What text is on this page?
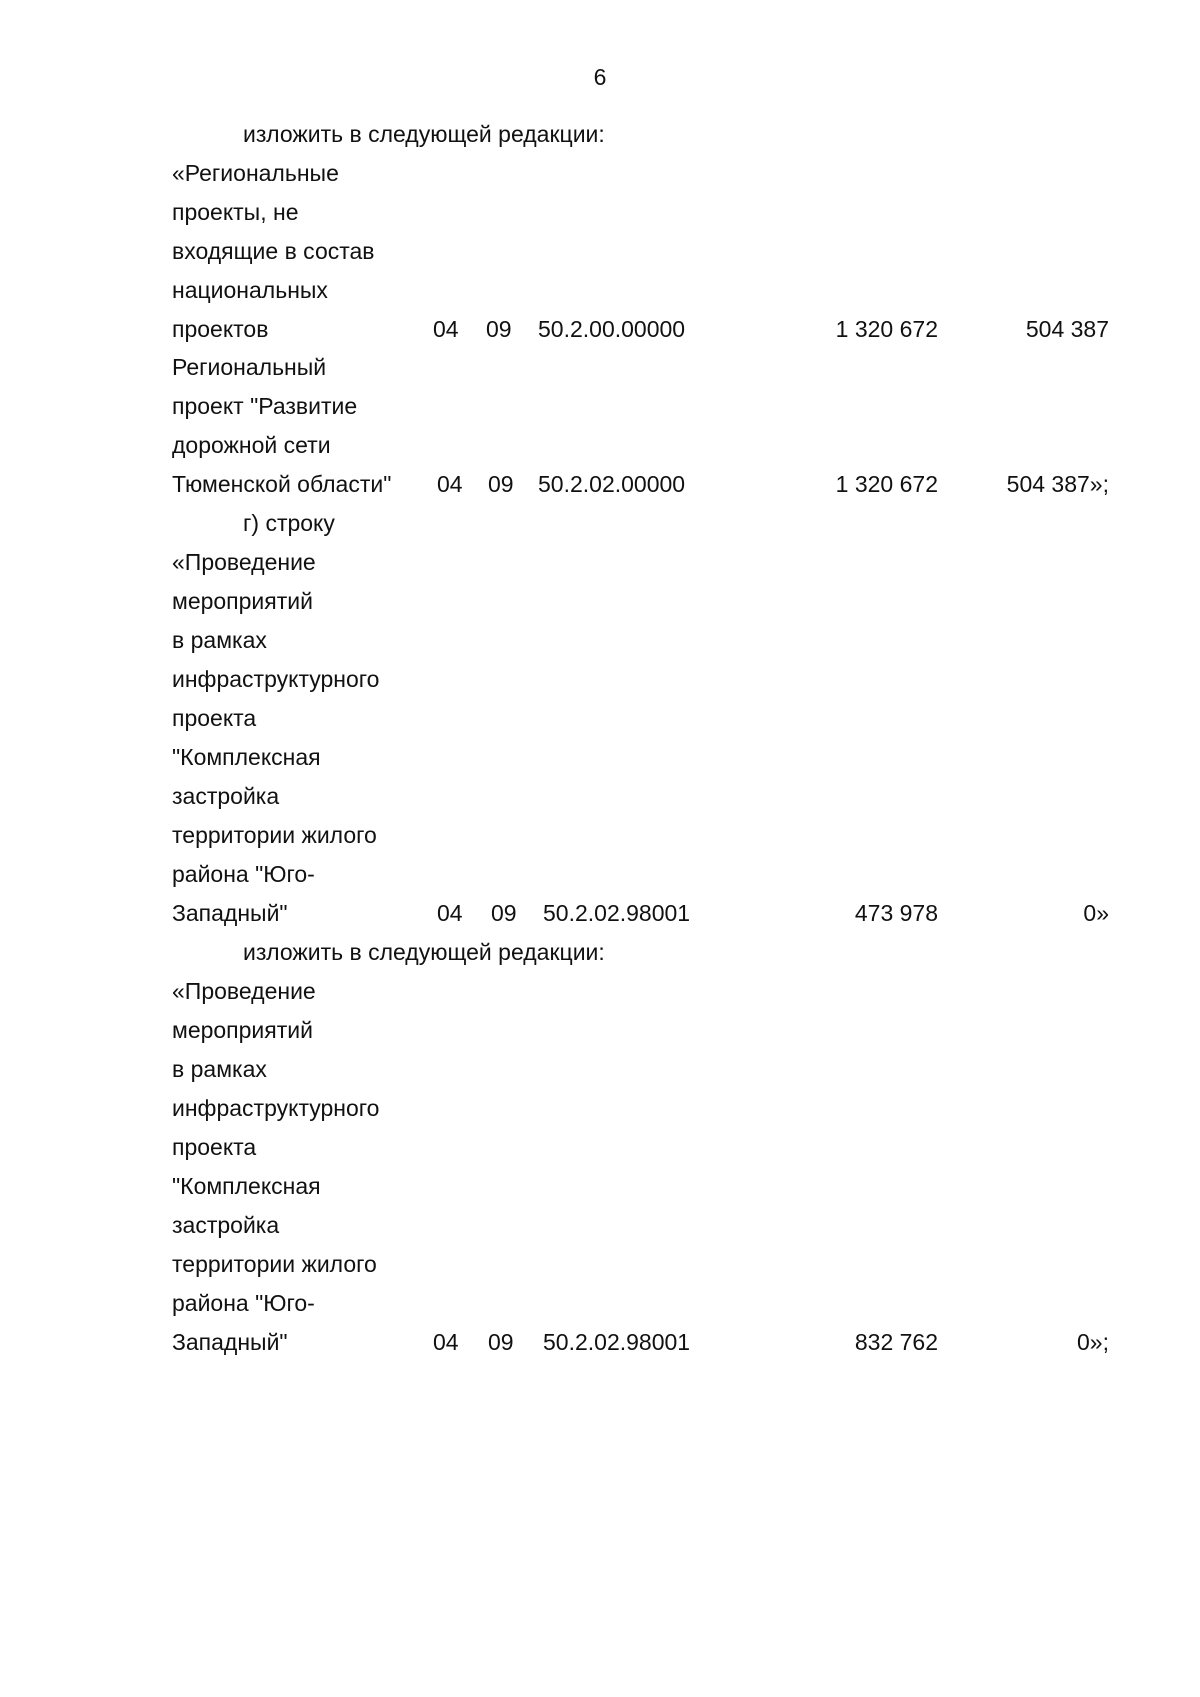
6
изложить в следующей редакции:
«Региональные
проекты, не
входящие в состав
национальных
проектов	04 09 50.2.00.00000	1 320 672	504 387
Региональный
проект "Развитие
дорожной сети
Тюменской области" 04 09 50.2.02.00000	1 320 672	504 387»;
г) строку
«Проведение
мероприятий
в рамках
инфраструктурного
проекта
"Комплексная
застройка
территории жилого
района "Юго-
Западный"	04 09 50.2.02.98001	473 978	0»
изложить в следующей редакции:
«Проведение
мероприятий
в рамках
инфраструктурного
проекта
"Комплексная
застройка
территории жилого
района "Юго-
Западный"	04 09 50.2.02.98001	832 762	0»;
